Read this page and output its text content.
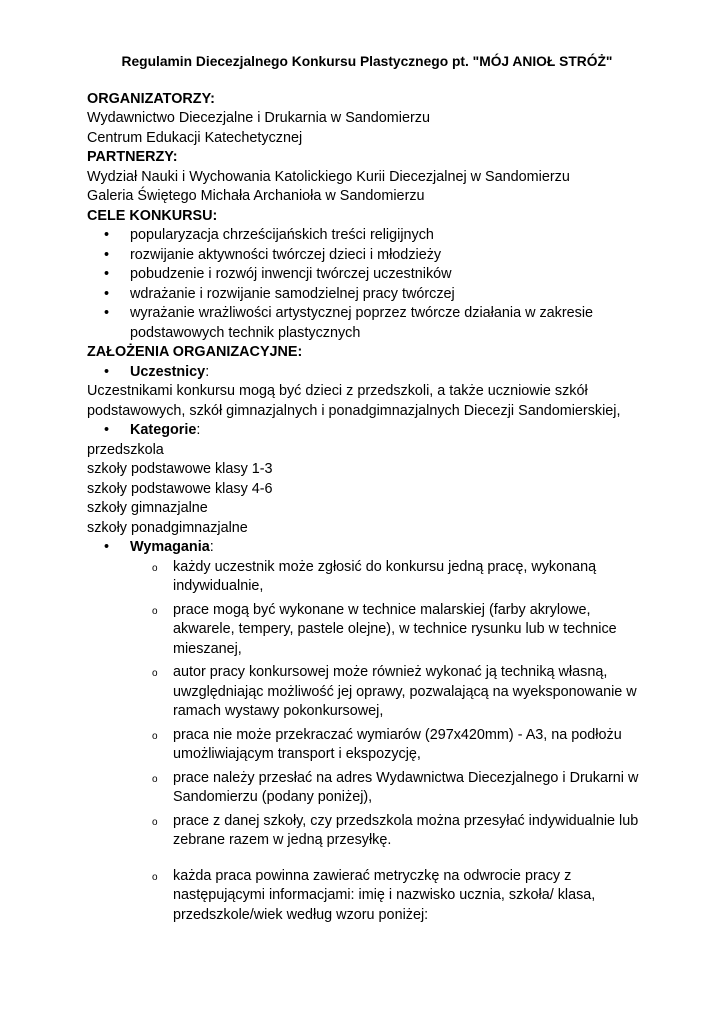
Regulamin Diecezjalnego Konkursu Plastycznego pt. "MÓJ ANIOŁ STRÓŻ"
ORGANIZATORZY:
Wydawnictwo Diecezjalne i Drukarnia w Sandomierzu
Centrum Edukacji Katechetycznej
PARTNERZY:
Wydział Nauki i Wychowania Katolickiego Kurii Diecezjalnej w Sandomierzu
Galeria Świętego Michała Archanioła w Sandomierzu
CELE KONKURSU:
• popularyzacja chrześcijańskich treści religijnych
• rozwijanie aktywności twórczej dzieci i młodzieży
• pobudzenie i rozwój inwencji twórczej uczestników
• wdrażanie i rozwijanie samodzielnej pracy twórczej
• wyrażanie wrażliwości artystycznej poprzez twórcze działania w zakresie podstawowych technik plastycznych
ZAŁOŻENIA ORGANIZACYJNE:
• Uczestnicy:
Uczestnikami konkursu mogą być dzieci z przedszkoli, a także uczniowie szkół podstawowych, szkół gimnazjalnych i ponadgimnazjalnych Diecezji Sandomierskiej,
• Kategorie:
przedszkola
szkoły podstawowe klasy 1-3
szkoły podstawowe klasy 4-6
szkoły gimnazjalne
szkoły ponadgimnazjalne
• Wymagania:
o każdy uczestnik może zgłosić do konkursu jedną pracę, wykonaną indywidualnie,
o prace mogą być wykonane w technice malarskiej (farby akrylowe, akwarele, tempery, pastele olejne), w technice rysunku lub w technice mieszanej,
o autor pracy konkursowej może również wykonać ją techniką własną, uwzględniając możliwość jej oprawy, pozwalającą na wyeksponowanie w ramach wystawy pokonkursowej,
o praca nie może przekraczać wymiarów (297x420mm) - A3, na podłożu umożliwiającym transport i ekspozycję,
o prace należy przesłać na adres Wydawnictwa Diecezjalnego i Drukarni w Sandomierzu (podany poniżej),
o prace z danej szkoły, czy przedszkola można przesyłać indywidualnie lub zebrane razem w jedną przesyłkę.
o każda praca powinna zawierać metryczkę na odwrocie pracy z następującymi informacjami: imię i nazwisko ucznia, szkoła/ klasa, przedszkole/wiek według wzoru poniżej:
